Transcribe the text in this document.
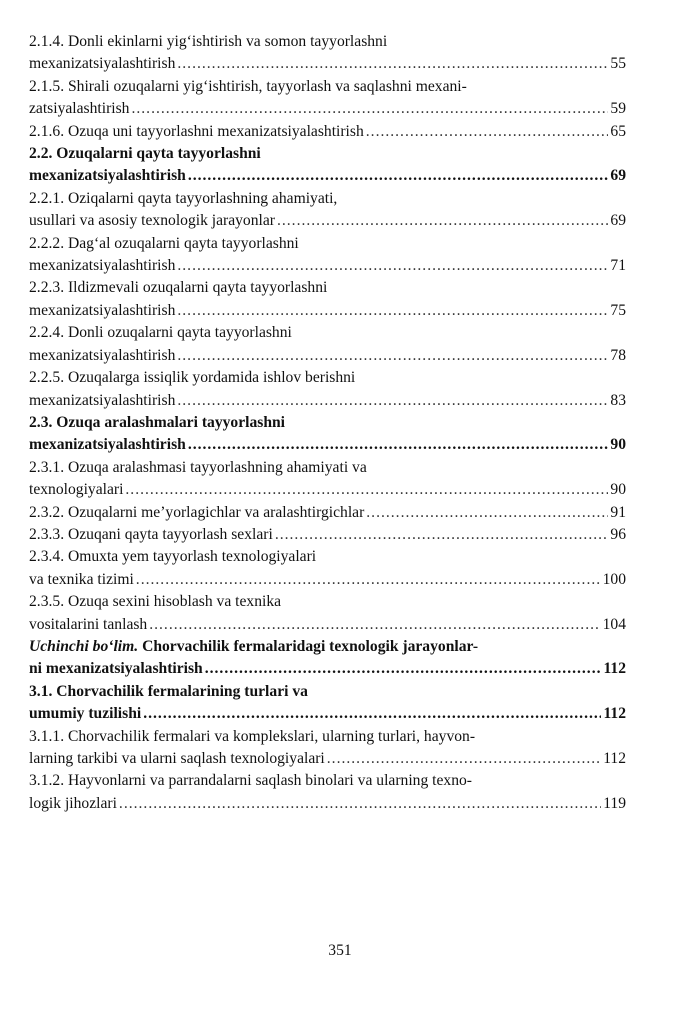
2.1.4. Donli ekinlarni yig‘ishtirish va somon tayyorlashni
mexanizatsiyalashtirish .....	55
2.1.5. Shirali ozuqalarni yig‘ishtirish, tayyorlash va saqlashni mexani-
zatsiyalashtirish .....	59
2.1.6. Ozuqa uni tayyorlashni mexanizatsiyalashtirish .....	65
2.2. Ozuqalarni qayta tayyorlashni
mexanizatsiyalashtirish .....	69
2.2.1. Oziqalarni qayta tayyorlashning ahamiyati,
usullari va asosiy texnologik jarayonlar .....	69
2.2.2. Dag‘al ozuqalarni qayta tayyorlashni
mexanizatsiyalashtirish .....	71
2.2.3. Ildizmevali ozuqalarni qayta tayyorlashni
mexanizatsiyalashtirish .....	75
2.2.4. Donli ozuqalarni qayta tayyorlashni
mexanizatsiyalashtirish .....	78
2.2.5. Ozuqalarga issiqlik yordamida ishlov berishni
mexanizatsiyalashtirish .....	83
2.3. Ozuqa aralashmalari tayyorlashni
mexanizatsiyalashtirish .....	90
2.3.1. Ozuqa aralashmasi tayyorlashning ahamiyati va
texnologiyalari .....	90
2.3.2. Ozuqalarni me’yorlagichlar va aralashtirgichlar .....	91
2.3.3. Ozuqani qayta tayyorlash sexlari .....	96
2.3.4. Omuxta yem tayyorlash texnologiyalari
va texnika tizimi .....	100
2.3.5. Ozuqa sexini hisoblash va texnika
vositalarini tanlash .....	104
Uchinchi bo‘lim. Chorvachilik fermalaridagi texnologik jarayonlar-
ni mexanizatsiyalashtirish .....	112
3.1. Chorvachilik fermalarining turlari va
umumiy tuzilishi .....	112
3.1.1. Chorvachilik fermalari va komplekslari, ularning turlari, hayvon-
larning tarkibi va ularni saqlash texnologiyalari .....	112
3.1.2. Hayvonlarni va parrandalarni saqlash binolari va ularning texno-
logik jihozlari .....	119
351
